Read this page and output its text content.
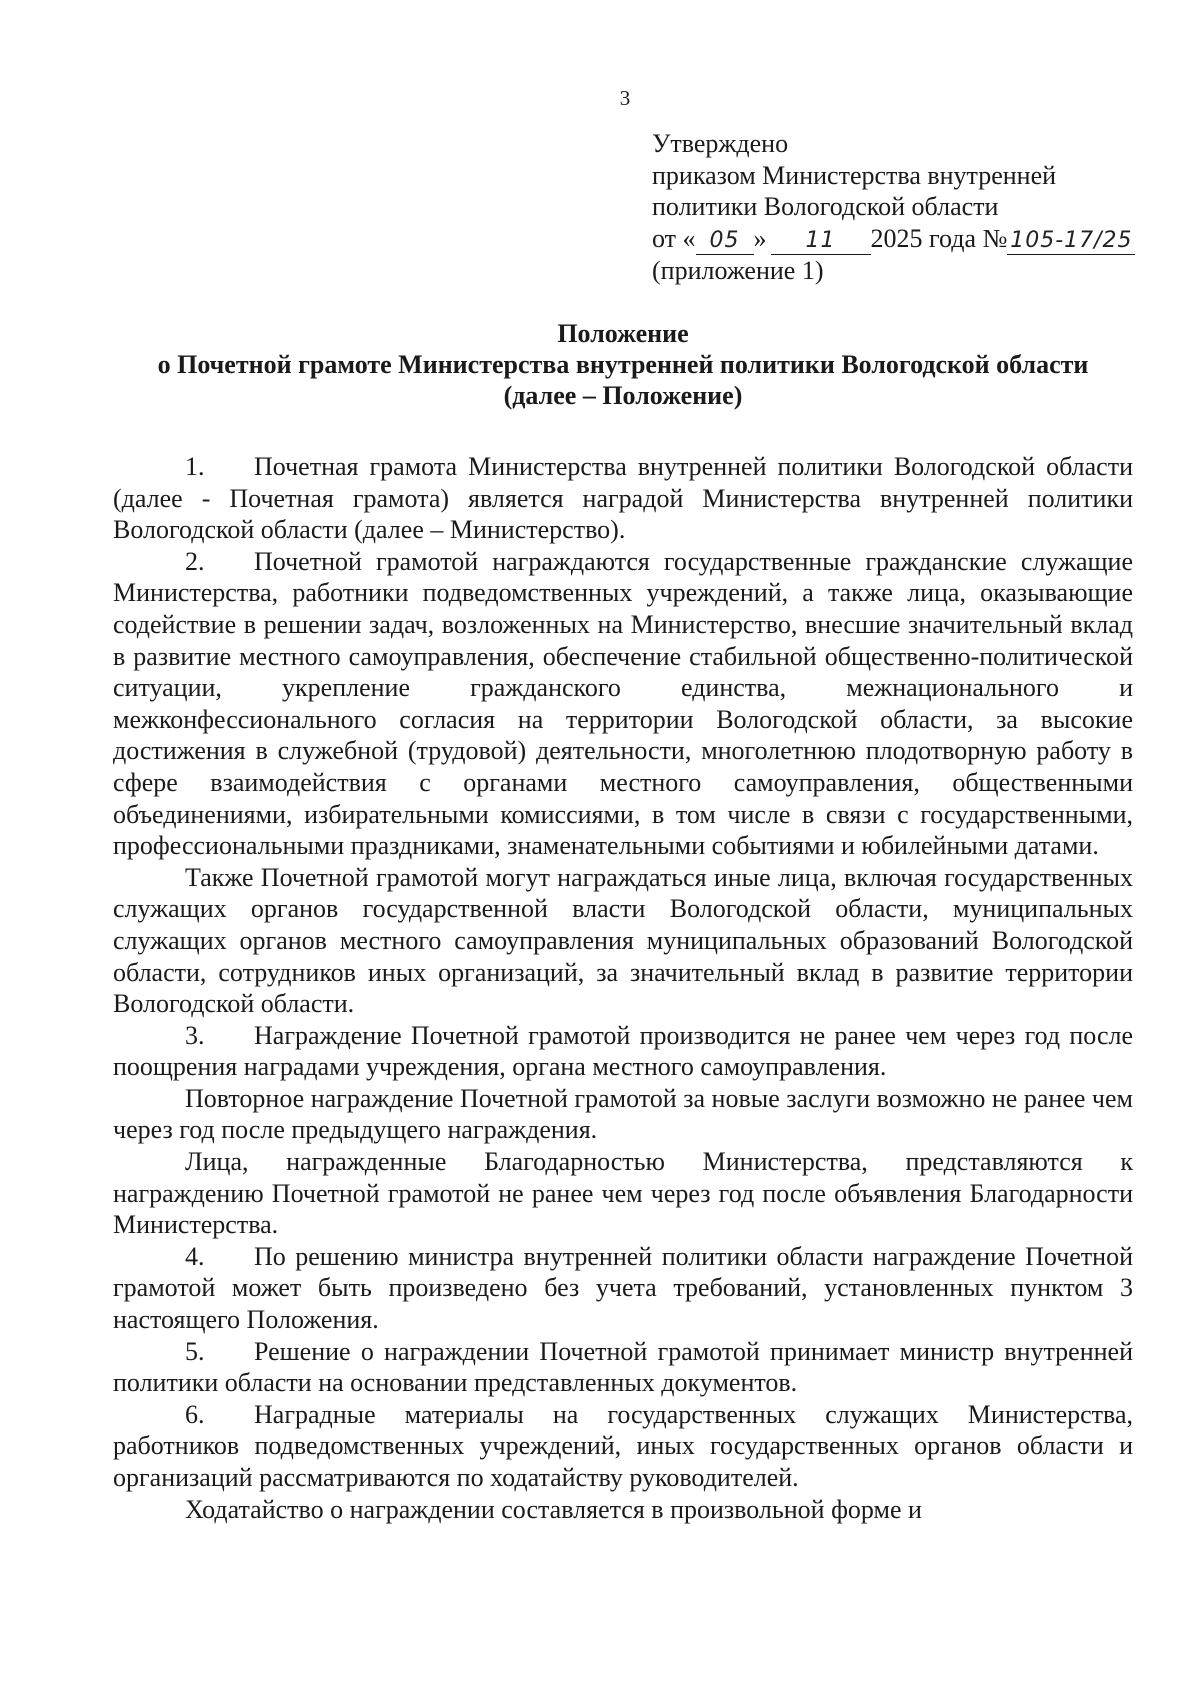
3
Утверждено
приказом Министерства внутренней
политики Вологодской области
от « 05 » 11 2025 года № 105-17/25
(приложение 1)
Положение
о Почетной грамоте Министерства внутренней политики Вологодской области
(далее – Положение)

1. Почетная грамота Министерства внутренней политики Вологодской области (далее - Почетная грамота) является наградой Министерства внутренней политики Вологодской области (далее – Министерство).

2. Почетной грамотой награждаются государственные гражданские служащие Министерства, работники подведомственных учреждений, а также лица, оказывающие содействие в решении задач, возложенных на Министерство, внесшие значительный вклад в развитие местного самоуправления, обеспечение стабильной общественно-политической ситуации, укрепление гражданского единства, межнационального и межконфессионального согласия на территории Вологодской области, за высокие достижения в служебной (трудовой) деятельности, многолетнюю плодотворную работу в сфере взаимодействия с органами местного самоуправления, общественными объединениями, избирательными комиссиями, в том числе в связи с государственными, профессиональными праздниками, знаменательными событиями и юбилейными датами.

Также Почетной грамотой могут награждаться иные лица, включая государственных служащих органов государственной власти Вологодской области, муниципальных служащих органов местного самоуправления муниципальных образований Вологодской области, сотрудников иных организаций, за значительный вклад в развитие территории Вологодской области.

3. Награждение Почетной грамотой производится не ранее чем через год после поощрения наградами учреждения, органа местного самоуправления.

Повторное награждение Почетной грамотой за новые заслуги возможно не ранее чем через год после предыдущего награждения.

Лица, награжденные Благодарностью Министерства, представляются к награждению Почетной грамотой не ранее чем через год после объявления Благодарности Министерства.

4. По решению министра внутренней политики области награждение Почетной грамотой может быть произведено без учета требований, установленных пунктом 3 настоящего Положения.

5. Решение о награждении Почетной грамотой принимает министр внутренней политики области на основании представленных документов.

6. Наградные материалы на государственных служащих Министерства, работников подведомственных учреждений, иных государственных органов области и организаций рассматриваются по ходатайству руководителей.

Ходатайство о награждении составляется в произвольной форме и
